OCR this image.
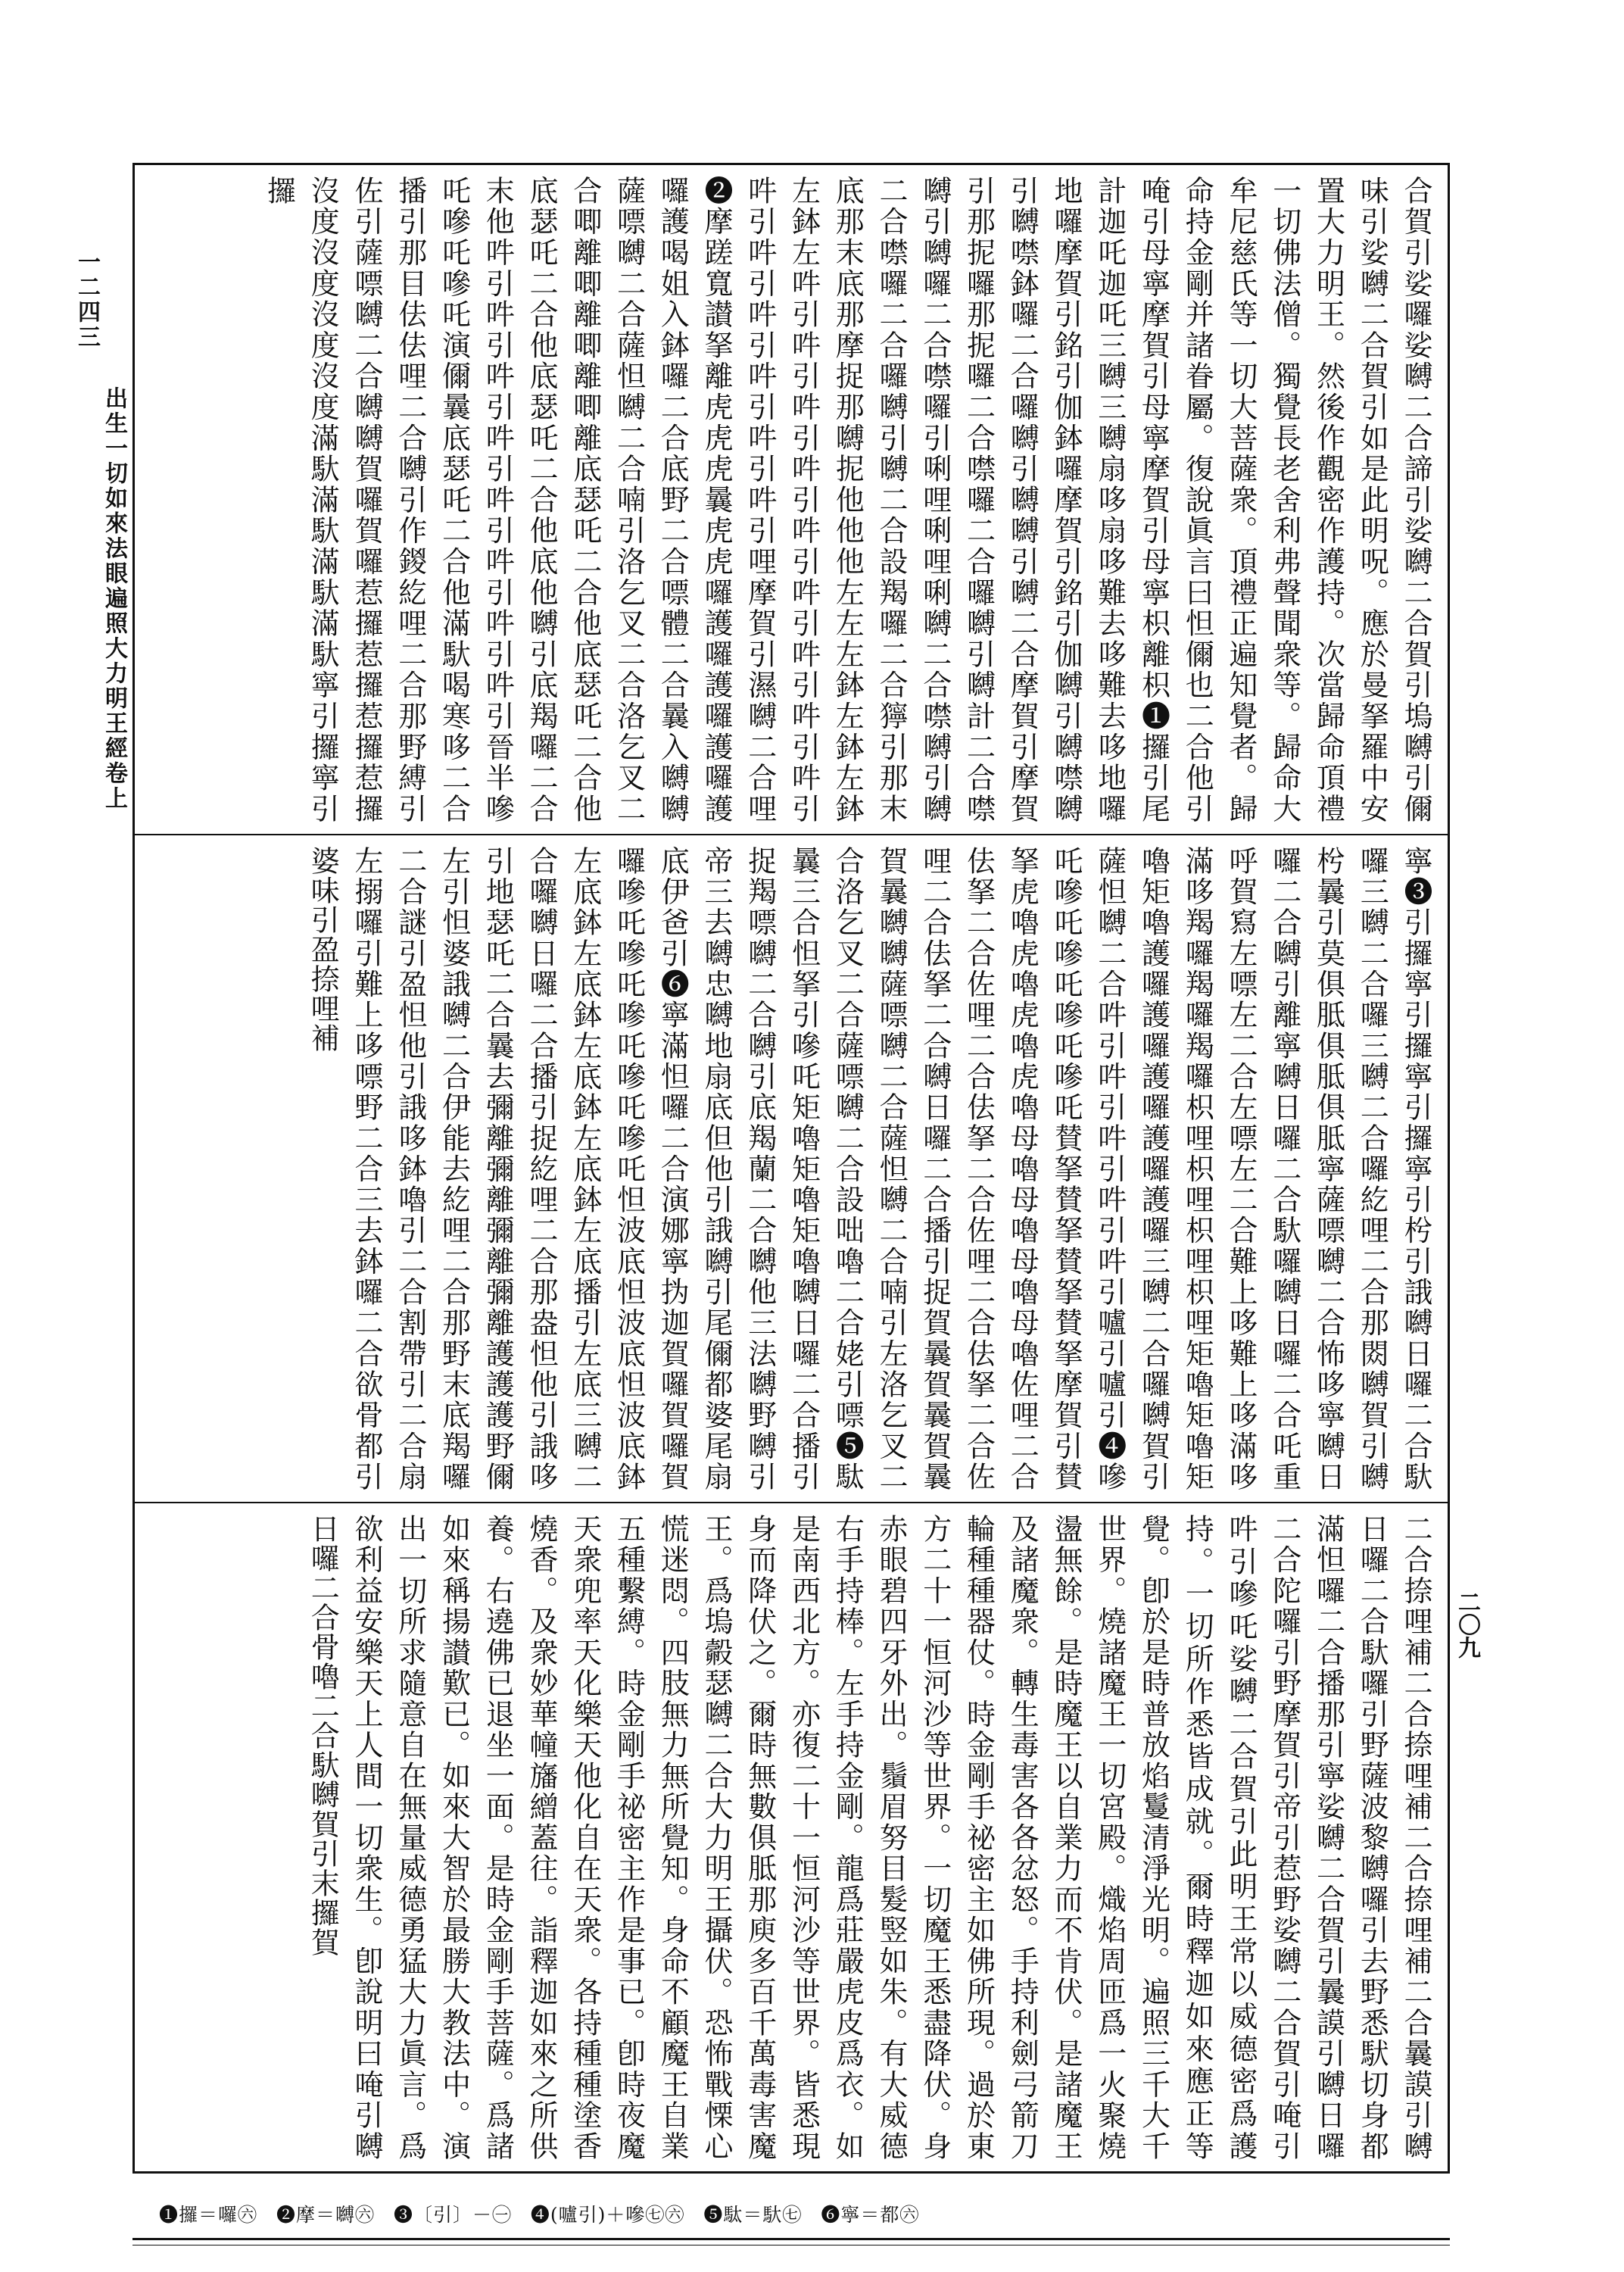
一二四三
出生一切如來法眼遍照大力明王經卷上
二〇九
合賀引娑囉娑嚩二合諦引娑嚩二合賀引塢嚩引儞味引娑嚩二合賀引如是此明呪。應於曼拏羅中安置大力明王。然後作觀密作護持。次當歸命頂禮一切佛法僧。獨覺長老舍利弗聲聞衆等。歸命大牟尼慈氏等一切大菩薩衆。頂禮正遍知覺者。歸命持金剛并諸眷屬。復說眞言曰怛儞也二合他引唵引母寧摩賀引母寧摩賀引母寧枳離枳❶攞引尾計迦吒迦吒三嚩三嚩扇哆扇哆難去哆難去哆地囉地囉摩賀引銘引伽鉢囉摩賀引銘引伽嚩引嚩噤嚩引嚩噤鉢囉二合囉嚩引嚩嚩引嚩二合摩賀引摩賀引那抳囉那抳囉二合噤囉二合囉嚩引嚩計二合噤嚩引嚩囉二合噤囉引唎哩唎哩唎嚩二合噤嚩引嚩二合噤囉二合囉嚩引嚩二合設羯囉二合獰引那末底那末底那摩捉那嚩抳他他他左左左鉢左鉢左鉢左鉢左吽引吽引吽引吽引吽引吽引吽引吽引吽引吽引吽引吽引吽引吽引吽引哩摩賀引濕嚩二合哩❷摩蹉寬讃拏離虎虎虎曩虎虎囉護囉護囉護囉護囉護喝姐入鉢囉二合底野二合嘌體二合曩入嚩嚩薩嘌嚩二合薩怛嚩二合喃引洛乞叉二合洛乞叉二合唧離唧離唧離唧離底瑟吒二合他底瑟吒二合他底瑟吒二合他底瑟吒二合他底他嚩引底羯囉二合末他吽引吽引吽引吽引吽引吽引吽引吽引晉半嘇吒嘇吒嘇吒演儞曩底瑟吒二合他滿馱喝寒哆二合播引那目佉佉哩二合嚩引作鍐紇哩二合那野縛引佐引薩嘌嚩二合嚩嚩賀囉賀囉惹攞惹攞惹攞惹攞沒度沒度沒度沒度滿馱滿馱滿馱滿馱寧引攞寧引攞
寧❸引攞寧引攞寧引攞寧引枍引誐嚩日囉二合馱囉三嚩二合囉三嚩二合囉紇哩二合那閦嚩賀引嚩枍曩引莫俱胝俱胝俱胝寧薩嘌嚩二合怖哆寧嚩日囉二合嚩引離寧嚩日囉二合馱囉嚩日囉二合吒重呼賀寫左嘌左二合左嘌左二合難上哆難上哆滿哆滿哆羯囉羯囉羯囉枳哩枳哩枳哩枳哩矩嚕矩嚕矩嚕矩嚕護囉護囉護囉護囉護囉三嚩二合囉嚩賀引薩怛嚩二合吽引吽引吽引吽引吽引嚧引嚧引❹嘇吒嘇吒嘇吒嘇吒嘇吒賛拏賛拏賛拏賛拏摩賀引賛拏虎嚕虎嚕虎嚕虎嚕母嚕母嚕母嚕母嚕佐哩二合佉拏二合佐哩二合佉拏二合佐哩二合佉拏二合佐哩二合佉拏二合嚩日囉二合播引捉賀曩賀曩賀曩賀曩嚩嚩薩嘌嚩二合薩怛嚩二合喃引左洛乞叉二合洛乞叉二合薩嘌嚩二合設咄嚕二合姥引嘌❺駄曩三合怛拏引嘇吒矩嚕矩嚕矩嚕嚩日囉二合播引捉羯嘌嚩二合嚩引底羯蘭二合嚩他三法嚩野嚩引帝三去嚩忠嚩地扇底但他引誐嚩引尾儞都婆尾扇底伊爸引❻寧滿怛囉二合演娜寧㧑迦賀囉賀囉賀囉嘇吒嘇吒嘇吒嘇吒嘇吒怛波底怛波底怛波底鉢左底鉢左底鉢左底鉢左底鉢左底播引左底三嚩二合囉嚩日囉二合播引捉紇哩二合那盎怛他引誐哆引地瑟吒二合曩去彌離彌離彌離彌離護護護野儞左引怛婆誐嚩二合伊能去紇哩二合那野末底羯囉二合謎引盈怛他引誐哆鉢嚕引二合割帶引二合扇左搦囉引難上哆嘌野二合三去鉢囉二合欲骨都引婆味引盈捺哩補
二合捺哩補二合捺哩補二合捺哩補二合曩謨引嚩日囉二合馱囉引野薩波黎嚩囉引去野悉䭾切身都滿怛囉二合播那引寧娑嚩二合賀引曩謨引嚩日囉二合陀囉引野摩賀引帝引惹野娑嚩二合賀引唵引吽引嘇吒娑嚩二合賀引此明王常以威德密爲護持。一切所作悉皆成就。爾時釋迦如來應正等覺。卽於是時普放焰鬘清淨光明。遍照三千大千世界。燒諸魔王一切宮殿。熾焰周匝爲一火聚燒盪無餘。是時魔王以自業力而不肯伏。是諸魔王及諸魔衆。轉生毒害各各忿怒。手持利劍弓箭刀輪種種器仗。時金剛手祕密主如佛所現。過於東方二十一恒河沙等世界。一切魔王悉盡降伏。身赤眼碧四牙外出。鬚眉努目髮竪如朱。有大威德右手持棒。左手持金剛。龍爲莊嚴虎皮爲衣。如是南西北方。亦復二十一恒河沙等世界。皆悉現身而降伏之。爾時無數俱胝那庾多百千萬毒害魔王。爲塢㲉瑟嚩二合大力明王攝伏。恐怖戰慄心慌迷悶。四肢無力無所覺知。身命不顧魔王自業五種繫縛。時金剛手祕密主作是事已。卽時夜魔天衆兜率天化樂天他化自在天衆。各持種種塗香燒香。及衆妙華幢旛繒蓋往。詣釋迦如來之所供養。右遶佛已退坐一面。是時金剛手菩薩。爲諸如來稱揚讃歎已。如來大智於最勝大教法中。演出一切所求隨意自在無量威德勇猛大力眞言。爲欲利益安樂天上人間一切衆生。卽說明曰唵引嚩日囉二合骨嚕二合馱嚩賀引末攞賀
❶攞＝囉㊅ ❷摩＝嚩㊅ ❸〔引〕－㊀ ❹(嚧引)＋嘇㊆㊅ ❺駄＝馱㊆ ❻寧＝都㊅
